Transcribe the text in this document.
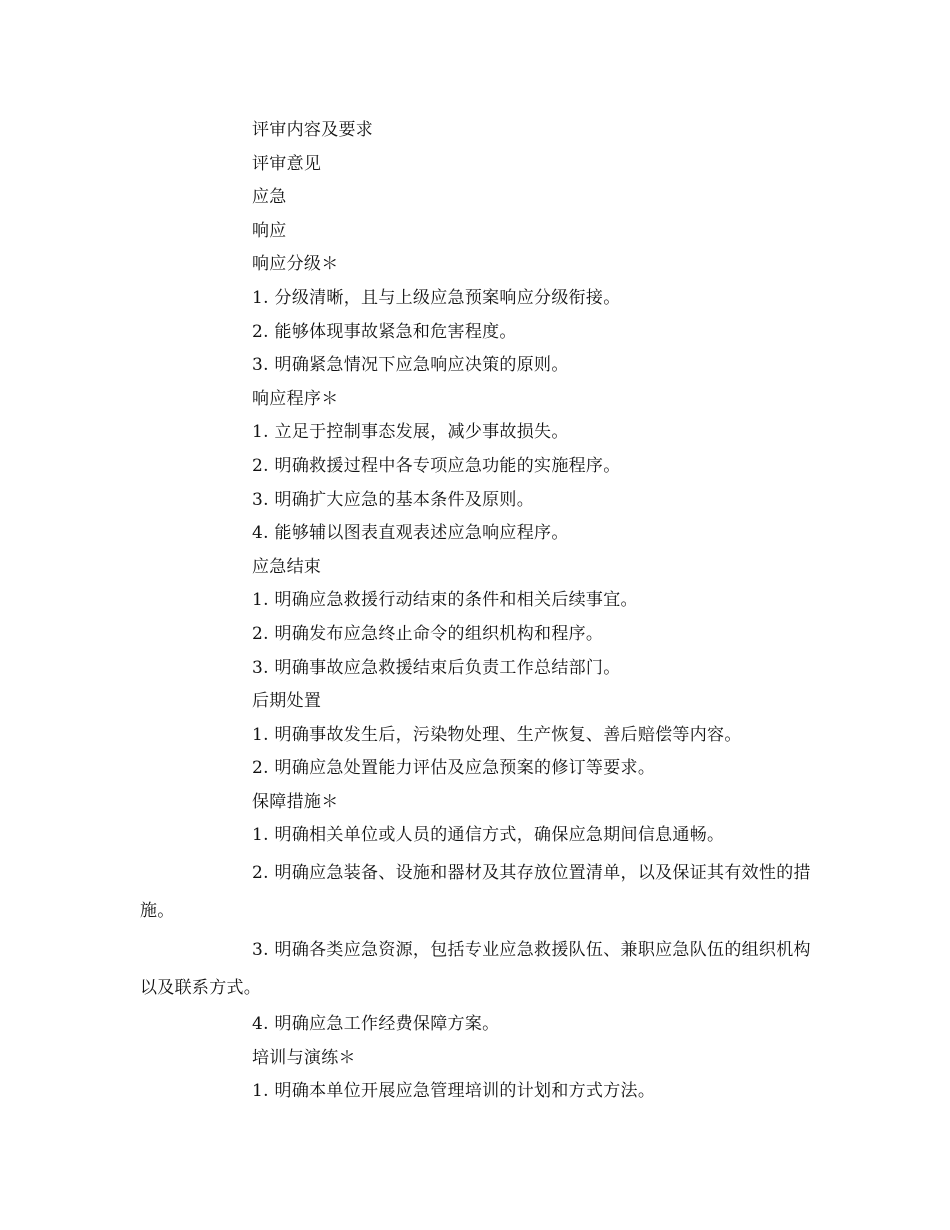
评审内容及要求

评审意见

应急

响应

响应分级＊

1. 分级清晰，且与上级应急预案响应分级衔接。

2. 能够体现事故紧急和危害程度。

3. 明确紧急情况下应急响应决策的原则。

响应程序＊

1. 立足于控制事态发展，减少事故损失。

2. 明确救援过程中各专项应急功能的实施程序。

3. 明确扩大应急的基本条件及原则。

4. 能够辅以图表直观表述应急响应程序。

应急结束

1. 明确应急救援行动结束的条件和相关后续事宜。

2. 明确发布应急终止命令的组织机构和程序。

3. 明确事故应急救援结束后负责工作总结部门。

后期处置

1. 明确事故发生后，污染物处理、生产恢复、善后赔偿等内容。

2. 明确应急处置能力评估及应急预案的修订等要求。

保障措施＊

1. 明确相关单位或人员的通信方式，确保应急期间信息通畅。

2. 明确应急装备、设施和器材及其存放位置清单，以及保证其有效性的措施。

3. 明确各类应急资源，包括专业应急救援队伍、兼职应急队伍的组织机构以及联系方式。

4. 明确应急工作经费保障方案。

培训与演练＊

1. 明确本单位开展应急管理培训的计划和方式方法。
